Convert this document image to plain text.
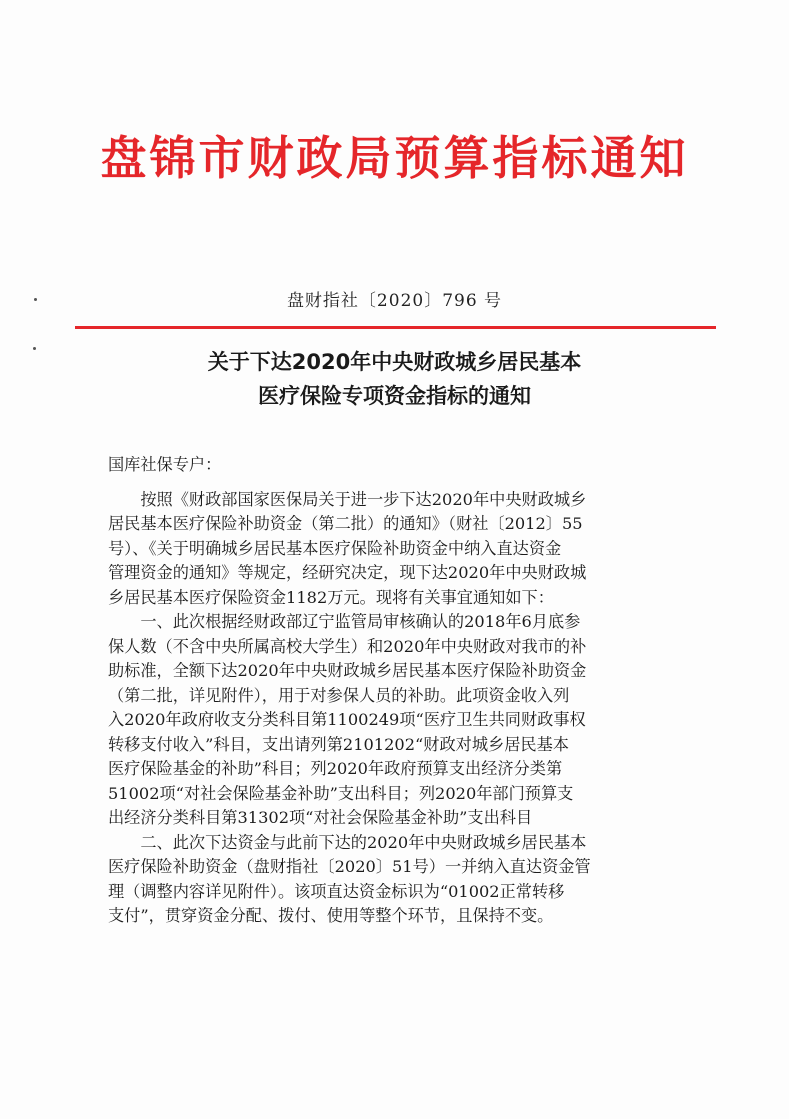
盘锦市财政局预算指标通知
盘财指社〔2020〕796 号
关于下达2020年中央财政城乡居民基本
医疗保险专项资金指标的通知
国库社保专户：
　　按照《财政部国家医保局关于进一步下达2020年中央财政城乡
居民基本医疗保险补助资金（第二批）的通知》（财社〔2012〕55
号）、《关于明确城乡居民基本医疗保险补助资金中纳入直达资金
管理资金的通知》等规定，经研究决定，现下达2020年中央财政城
乡居民基本医疗保险资金1182万元。现将有关事宜通知如下：
　　一、此次根据经财政部辽宁监管局审核确认的2018年6月底参
保人数（不含中央所属高校大学生）和2020年中央财政对我市的补
助标准，全额下达2020年中央财政城乡居民基本医疗保险补助资金
（第二批，详见附件），用于对参保人员的补助。此项资金收入列
入2020年政府收支分类科目第1100249项“医疗卫生共同财政事权
转移支付收入”科目，支出请列第2101202“财政对城乡居民基本
医疗保险基金的补助”科目；列2020年政府预算支出经济分类第
51002项“对社会保险基金补助”支出科目；列2020年部门预算支
出经济分类科目第31302项“对社会保险基金补助”支出科目
　　二、此次下达资金与此前下达的2020年中央财政城乡居民基本
医疗保险补助资金（盘财指社〔2020〕51号）一并纳入直达资金管
理（调整内容详见附件）。该项直达资金标识为“01002正常转移
支付”，贯穿资金分配、拨付、使用等整个环节，且保持不变。
